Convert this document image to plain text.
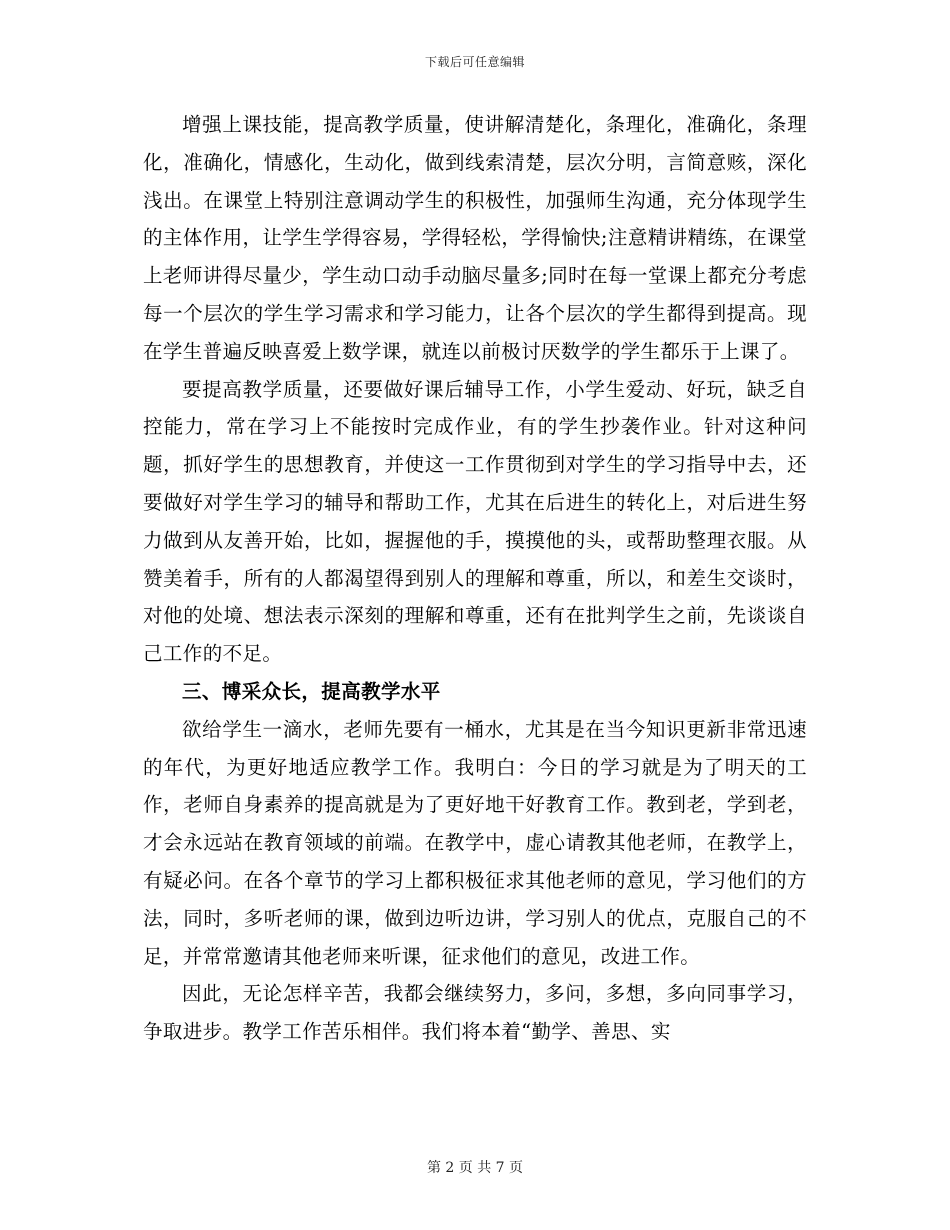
下载后可任意编辑

增强上课技能，提高教学质量，使讲解清楚化，条理化，准确化，条理化，准确化，情感化，生动化，做到线索清楚，层次分明，言简意赅，深化浅出。在课堂上特别注意调动学生的积极性，加强师生沟通，充分体现学生的主体作用，让学生学得容易，学得轻松，学得愉快;注意精讲精练，在课堂上老师讲得尽量少，学生动口动手动脑尽量多;同时在每一堂课上都充分考虑每一个层次的学生学习需求和学习能力，让各个层次的学生都得到提高。现在学生普遍反映喜爱上数学课，就连以前极讨厌数学的学生都乐于上课了。

要提高教学质量，还要做好课后辅导工作，小学生爱动、好玩，缺乏自控能力，常在学习上不能按时完成作业，有的学生抄袭作业。针对这种问题，抓好学生的思想教育，并使这一工作贯彻到对学生的学习指导中去，还要做好对学生学习的辅导和帮助工作，尤其在后进生的转化上，对后进生努力做到从友善开始，比如，握握他的手，摸摸他的头，或帮助整理衣服。从赞美着手，所有的人都渴望得到别人的理解和尊重，所以，和差生交谈时，对他的处境、想法表示深刻的理解和尊重，还有在批判学生之前，先谈谈自己工作的不足。

三、博采众长，提高教学水平

欲给学生一滴水，老师先要有一桶水，尤其是在当今知识更新非常迅速的年代，为更好地适应教学工作。我明白：今日的学习就是为了明天的工作，老师自身素养的提高就是为了更好地干好教育工作。教到老，学到老，才会永远站在教育领域的前端。在教学中，虚心请教其他老师，在教学上，有疑必问。在各个章节的学习上都积极征求其他老师的意见，学习他们的方法，同时，多听老师的课，做到边听边讲，学习别人的优点，克服自己的不足，并常常邀请其他老师来听课，征求他们的意见，改进工作。

因此，无论怎样辛苦，我都会继续努力，多问，多想，多向同事学习，争取进步。教学工作苦乐相伴。我们将本着“勤学、善思、实

第 2 页 共 7 页
